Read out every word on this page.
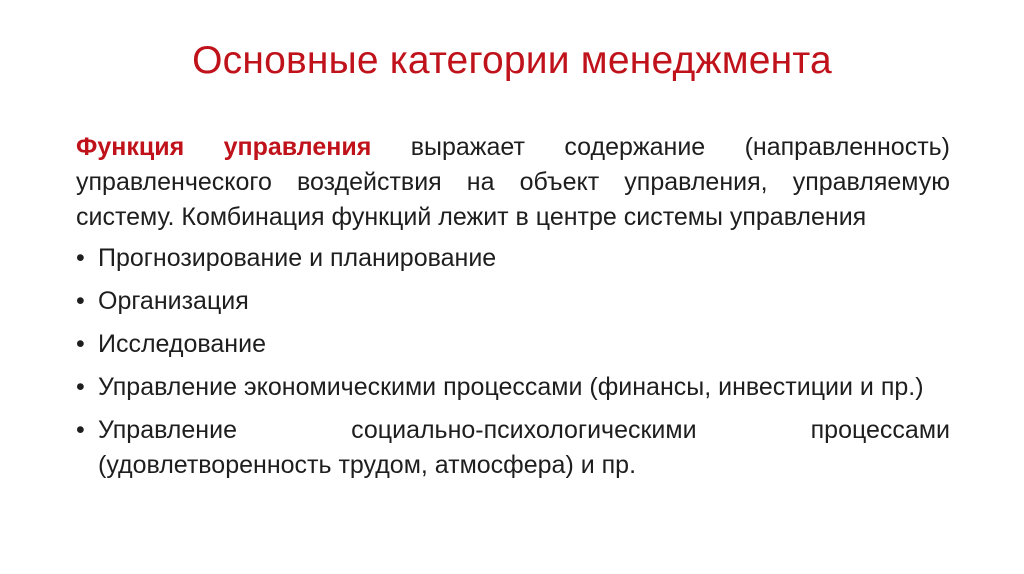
Основные категории менеджмента

Функция управления выражает содержание (направленность) управленческого воздействия на объект управления, управляемую систему. Комбинация функций лежит в центре системы управления

• Прогнозирование и планирование
• Организация
• Исследование
• Управление экономическими процессами (финансы, инвестиции и пр.)
• Управление социально-психологическими процессами (удовлетворенность трудом, атмосфера) и пр.
